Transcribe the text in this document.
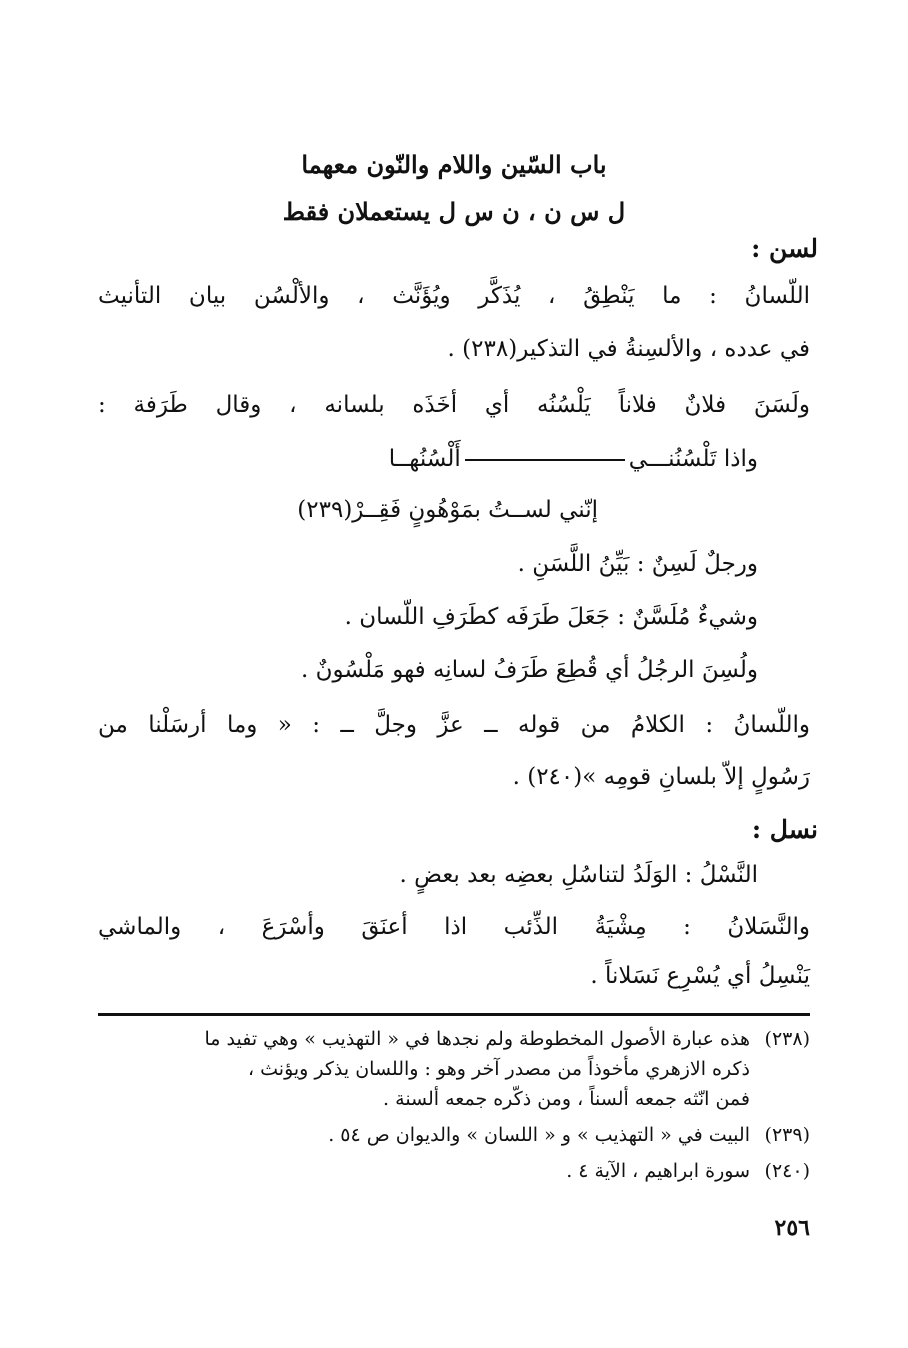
باب السّين واللام والنّون معهما
ل س ن ، ن س ل يستعملان فقط
لسن :
اللّسانُ : ما يَنْطِقُ ، يُذَكَّر ويُؤَنَّث ، والألْسُن بيان التأنيث
في عدده ، والألسِنةُ في التذكير(٢٣٨) .
ولَسَنَ فلانٌ فلاناً يَلْسُنُه أي أخَذَه بلسانه ، وقال طَرَفة :
واذا تَلْسُنُنـــيأَلْسُنُهــا
إنّني لســتُ بمَوْهُونٍ فَقِــرْ(٢٣٩)
ورجلٌ لَسِنٌ : بَيِّنُ اللَّسَنِ .
وشيءٌ مُلَسَّنٌ : جَعَلَ طَرَفَه كطَرَفِ اللّسان .
ولُسِنَ الرجُلُ أي قُطِعَ طَرَفُ لسانِه فهو مَلْسُونٌ .
واللّسانُ : الكلامُ من قوله ــ عزَّ وجلَّ ــ : « وما أرسَلْنا من
رَسُولٍ إلاّ بلسانِ قومِه »(٢٤٠) .
نسل :
النَّسْلُ : الوَلَدُ لتناسُلِ بعضِه بعد بعضٍ .
والنَّسَلانُ : مِشْيَةُ الذِّئب اذا أعنَقَ وأسْرَعَ ، والماشي
يَنْسِلُ أي يُسْرِع نَسَلاناً .
(٢٣٨)
هذه عبارة الأصول المخطوطة ولم نجدها في « التهذيب » وهي تفيد ما
ذكره الازهري مأخوذاً من مصدر آخر وهو : واللسان يذكر ويؤنث ،
فمن انّثه جمعه ألسناً ، ومن ذكّره جمعه ألسنة .
(٢٣٩)
البيت في « التهذيب » و « اللسان » والديوان ص ٥٤ .
(٢٤٠)
سورة ابراهيم ، الآية ٤ .
٢٥٦
